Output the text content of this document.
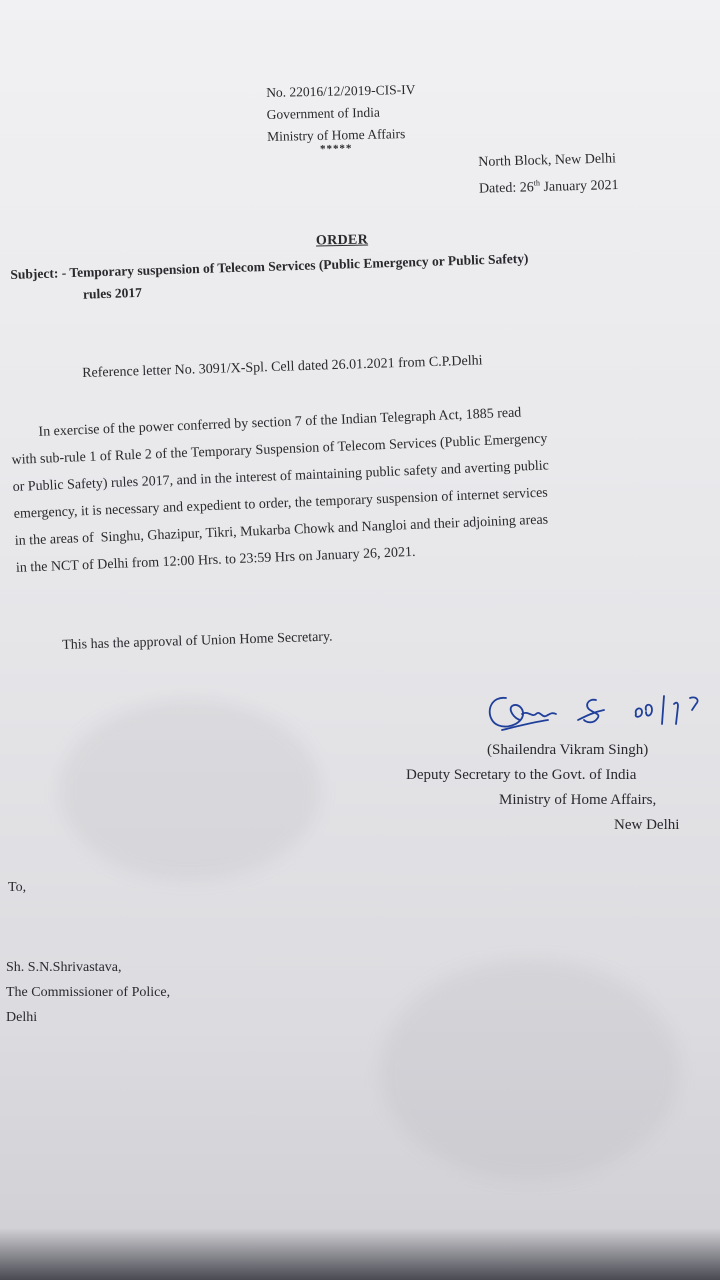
No. 22016/12/2019-CIS-IV
Government of India
Ministry of Home Affairs
*****
North Block, New Delhi
Dated: 26th January 2021
ORDER
Subject: - Temporary suspension of Telecom Services (Public Emergency or Public Safety)
rules 2017
Reference letter No. 3091/X-Spl. Cell dated 26.01.2021 from C.P.Delhi
In exercise of the power conferred by section 7 of the Indian Telegraph Act, 1885 read
with sub-rule 1 of Rule 2 of the Temporary Suspension of Telecom Services (Public Emergency
or Public Safety) rules 2017, and in the interest of maintaining public safety and averting public
emergency, it is necessary and expedient to order, the temporary suspension of internet services
in the areas of  Singhu, Ghazipur, Tikri, Mukarba Chowk and Nangloi and their adjoining areas
in the NCT of Delhi from 12:00 Hrs. to 23:59 Hrs on January 26, 2021.
This has the approval of Union Home Secretary.
(Shailendra Vikram Singh)
Deputy Secretary to the Govt. of India
Ministry of Home Affairs,
New Delhi
To,
Sh. S.N.Shrivastava,
The Commissioner of Police,
Delhi
